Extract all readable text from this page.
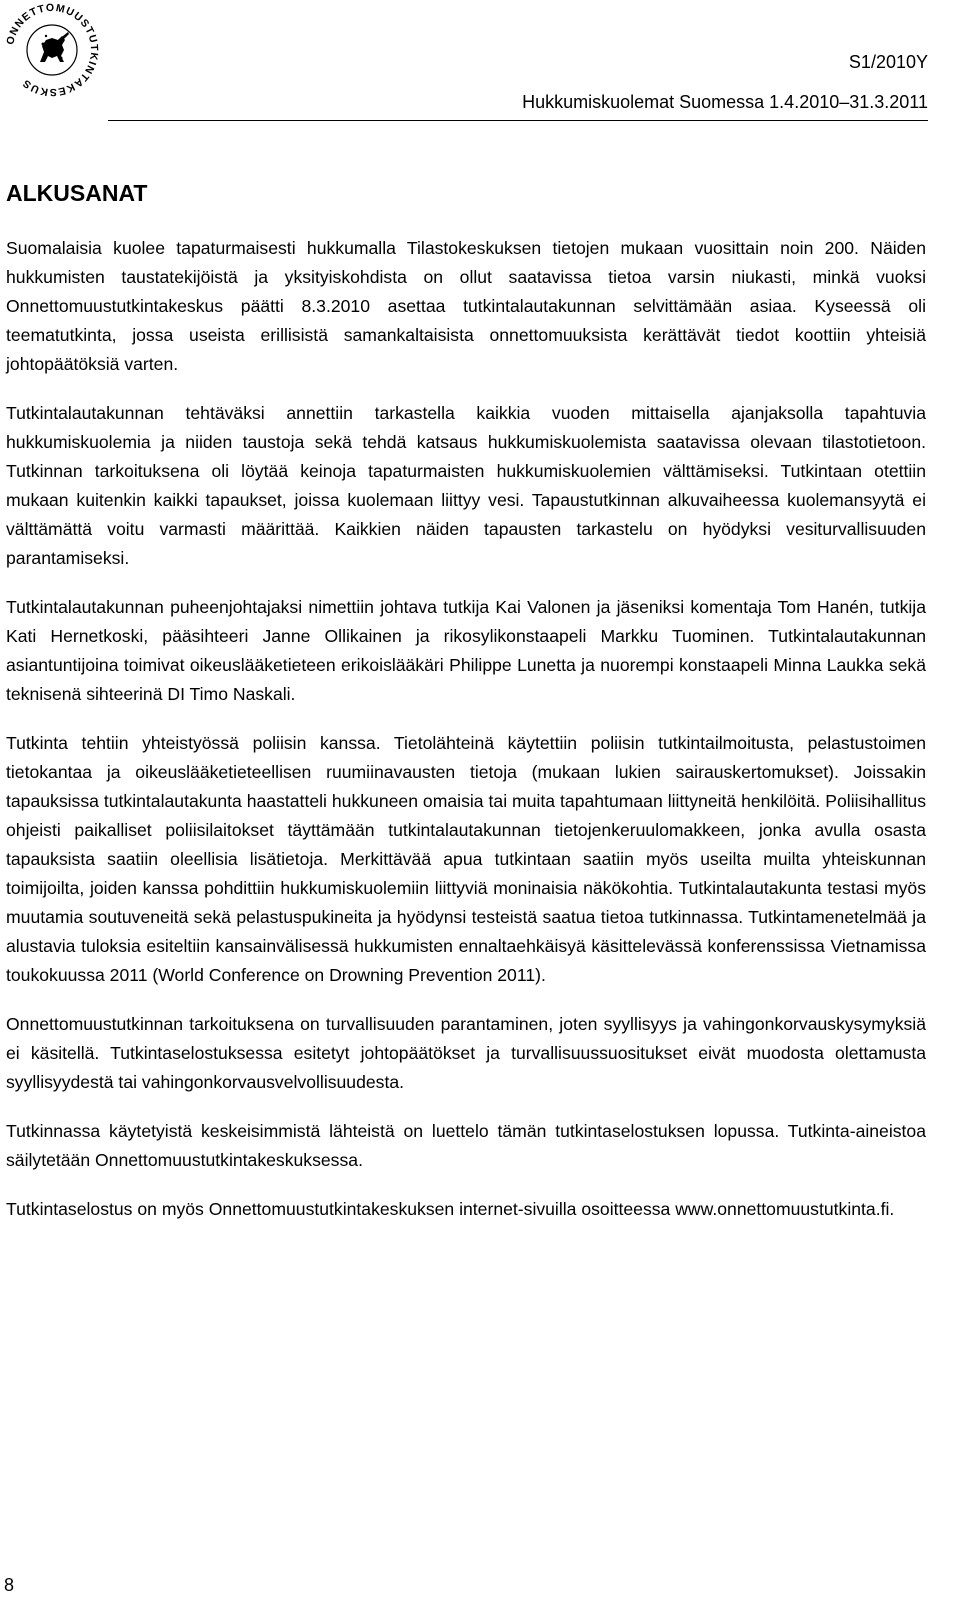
ONNETTOMUUSTUTKINTAKESKUS
S1/2010Y
Hukkumiskuolemat Suomessa 1.4.2010–31.3.2011
ALKUSANAT

Suomalaisia kuolee tapaturmaisesti hukkumalla Tilastokeskuksen tietojen mukaan vuosittain noin 200. Näiden hukkumisten taustatekijöistä ja yksityiskohdista on ollut saatavissa tietoa varsin niukasti, minkä vuoksi Onnettomuustutkintakeskus päätti 8.3.2010 asettaa tutkintalautakunnan selvittämään asiaa. Kyseessä oli teematutkinta, jossa useista erillisistä samankaltaisista onnettomuuksista kerättävät tiedot koottiin yhteisiä johtopäätöksiä varten.

Tutkintalautakunnan tehtäväksi annettiin tarkastella kaikkia vuoden mittaisella ajanjaksolla tapahtuvia hukkumiskuolemia ja niiden taustoja sekä tehdä katsaus hukkumiskuolemista saatavissa olevaan tilastotietoon. Tutkinnan tarkoituksena oli löytää keinoja tapaturmaisten hukkumiskuolemien välttämiseksi. Tutkintaan otettiin mukaan kuitenkin kaikki tapaukset, joissa kuolemaan liittyy vesi. Tapaustutkinnan alkuvaiheessa kuolemansyytä ei välttämättä voitu varmasti määrittää. Kaikkien näiden tapausten tarkastelu on hyödyksi vesiturvallisuuden parantamiseksi.

Tutkintalautakunnan puheenjohtajaksi nimettiin johtava tutkija Kai Valonen ja jäseniksi komentaja Tom Hanén, tutkija Kati Hernetkoski, pääsihteeri Janne Ollikainen ja rikosylikonstaapeli Markku Tuominen. Tutkintalautakunnan asiantuntijoina toimivat oikeuslääketieteen erikoislääkäri Philippe Lunetta ja nuorempi konstaapeli Minna Laukka sekä teknisenä sihteerinä DI Timo Naskali.

Tutkinta tehtiin yhteistyössä poliisin kanssa. Tietolähteinä käytettiin poliisin tutkintailmoitusta, pelastustoimen tietokantaa ja oikeuslääketieteellisen ruumiinavausten tietoja (mukaan lukien sairauskertomukset). Joissakin tapauksissa tutkintalautakunta haastatteli hukkuneen omaisia tai muita tapahtumaan liittyneitä henkilöitä. Poliisihallitus ohjeisti paikalliset poliisilaitokset täyttämään tutkintalautakunnan tietojenkeruulomakkeen, jonka avulla osasta tapauksista saatiin oleellisia lisätietoja. Merkittävää apua tutkintaan saatiin myös useilta muilta yhteiskunnan toimijoilta, joiden kanssa pohdittiin hukkumiskuolemiin liittyviä moninaisia näkökohtia. Tutkintalautakunta testasi myös muutamia soutuveneitä sekä pelastuspukineita ja hyödynsi testeistä saatua tietoa tutkinnassa. Tutkintamenetelmää ja alustavia tuloksia esiteltiin kansainvälisessä hukkumisten ennaltaehkäisyä käsittelevässä konferenssissa Vietnamissa toukokuussa 2011 (World Conference on Drowning Prevention 2011).

Onnettomuustutkinnan tarkoituksena on turvallisuuden parantaminen, joten syyllisyys ja vahingonkorvauskysymyksiä ei käsitellä. Tutkintaselostuksessa esitetyt johtopäätökset ja turvallisuussuositukset eivät muodosta olettamusta syyllisyydestä tai vahingonkorvausvelvollisuudesta.

Tutkinnassa käytetyistä keskeisimmistä lähteistä on luettelo tämän tutkintaselostuksen lopussa. Tutkinta-aineistoa säilytetään Onnettomuustutkintakeskuksessa.

Tutkintaselostus on myös Onnettomuustutkintakeskuksen internet-sivuilla osoitteessa www.onnettomuustutkinta.fi.

8
